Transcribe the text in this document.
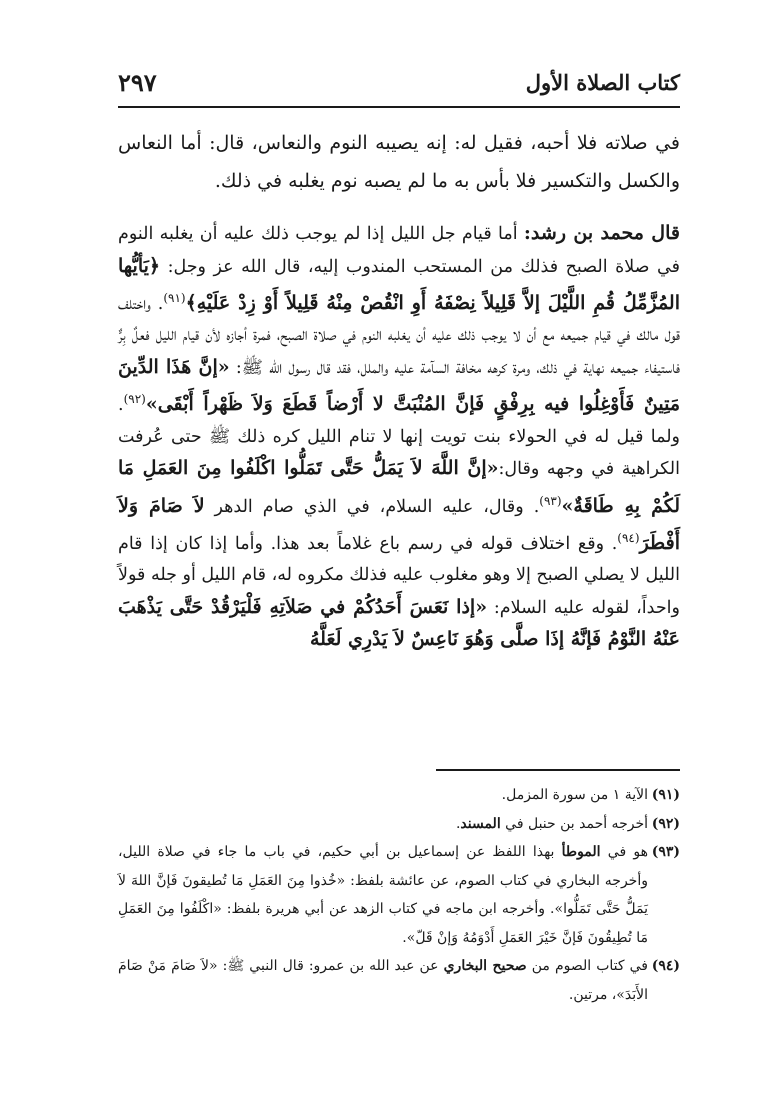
كتاب الصلاة الأول
٢٩٧

في صلاته فلا أحبه، فقيل له: إنه يصيبه النوم والنعاس، قال: أما النعاس والكسل والتكسير فلا بأس به ما لم يصبه نوم يغلبه في ذلك.

قال محمد بن رشد: أما قيام جل الليل إذا لم يوجب ذلك عليه أن يغلبه النوم في صلاة الصبح فذلك من المستحب المندوب إليه، قال الله عز وجل: ﴿يَأيُّها المُزَّمِّلُ قُمِ اللَّيْلَ إلاَّ قَلِيلاً نِصْفَهُ أَوِ انْقُصْ مِنْهُ قَلِيلاً أَوْ زِدْ عَلَيْهِ﴾$^{(٩١)}$. واختلف قول مالك في قيام جميعه مع أن لا يوجب ذلك عليه أن يغلبه النوم في صلاة الصبح، فمرة أجازه لأن قيام الليل فعلٌ بِرٌّ فاستيفاء جميعه نهاية في ذلك، ومرة كرهه مخافة السآمة عليه والملل، فقد قال رسول الله ﷺ: «إنَّ هَذَا الدِّينَ مَتِينٌ فَأَوْغِلُوا فيه بِرِفْقٍ فَإنَّ المُنْبَتَّ لا أَرْضاً قَطَعَ وَلاَ ظَهْراً أَبْقَى»$^{(٩٢)}$. ولما قيل له في الحولاء بنت تويت إنها لا تنام الليل كره ذلك ﷺ حتى عُرفت الكراهية في وجهه وقال:«إنَّ اللَّهَ لاَ يَمَلُّ حَتَّى تَمَلُّوا اكْلَفُوا مِنَ العَمَلِ مَا لَكُمْ بِهِ طَاقَةٌ»$^{(٩٣)}$. وقال، عليه السلام، في الذي صام الدهر لاَ صَامَ وَلاَ أَفْطَرَ$^{(٩٤)}$. وقع اختلاف قوله في رسم باع غلاماً بعد هذا. وأما إذا كان إذا قام الليل لا يصلي الصبح إلا وهو مغلوب عليه فذلك مكروه له، قام الليل أو جله قولاً واحداً، لقوله عليه السلام: «إذا نَعَسَ أَحَدُكُمْ في صَلاَتِهِ فَلْيَرْقُدْ حَتَّى يَذْهَبَ عَنْهُ النَّوْمُ فَإنَّهُ إذَا صلَّى وَهُوَ نَاعِسٌ لاَ يَدْرِي لَعَلَّهُ

(٩١)
الآية ١ من سورة المزمل.
(٩٢)
أخرجه أحمد بن حنبل في المسند.
(٩٣)
هو في الموطأ بهذا اللفظ عن إسماعيل بن أبي حكيم، في باب ما جاء في صلاة الليل، وأخرجه البخاري في كتاب الصوم، عن عائشة بلفظ: «خُذوا مِنَ العَمَلِ مَا تُطيقونَ فَإنَّ اللهَ لاَ يَمَلُّ حَتَّى تَمَلُّوا». وأخرجه ابن ماجه في كتاب الزهد عن أبي هريرة بلفظ: «اكْلَفُوا مِنَ العَمَلِ مَا تُطِيقُونَ فَإنَّ خَيْرَ العَمَلِ أَدْوَمُهُ وَإنْ قَلّ».
(٩٤)
في كتاب الصوم من صحيح البخاري عن عبد الله بن عمرو: قال النبي ﷺ: «لاَ صَامَ مَنْ صَامَ الأَبَدَ»، مرتين.
